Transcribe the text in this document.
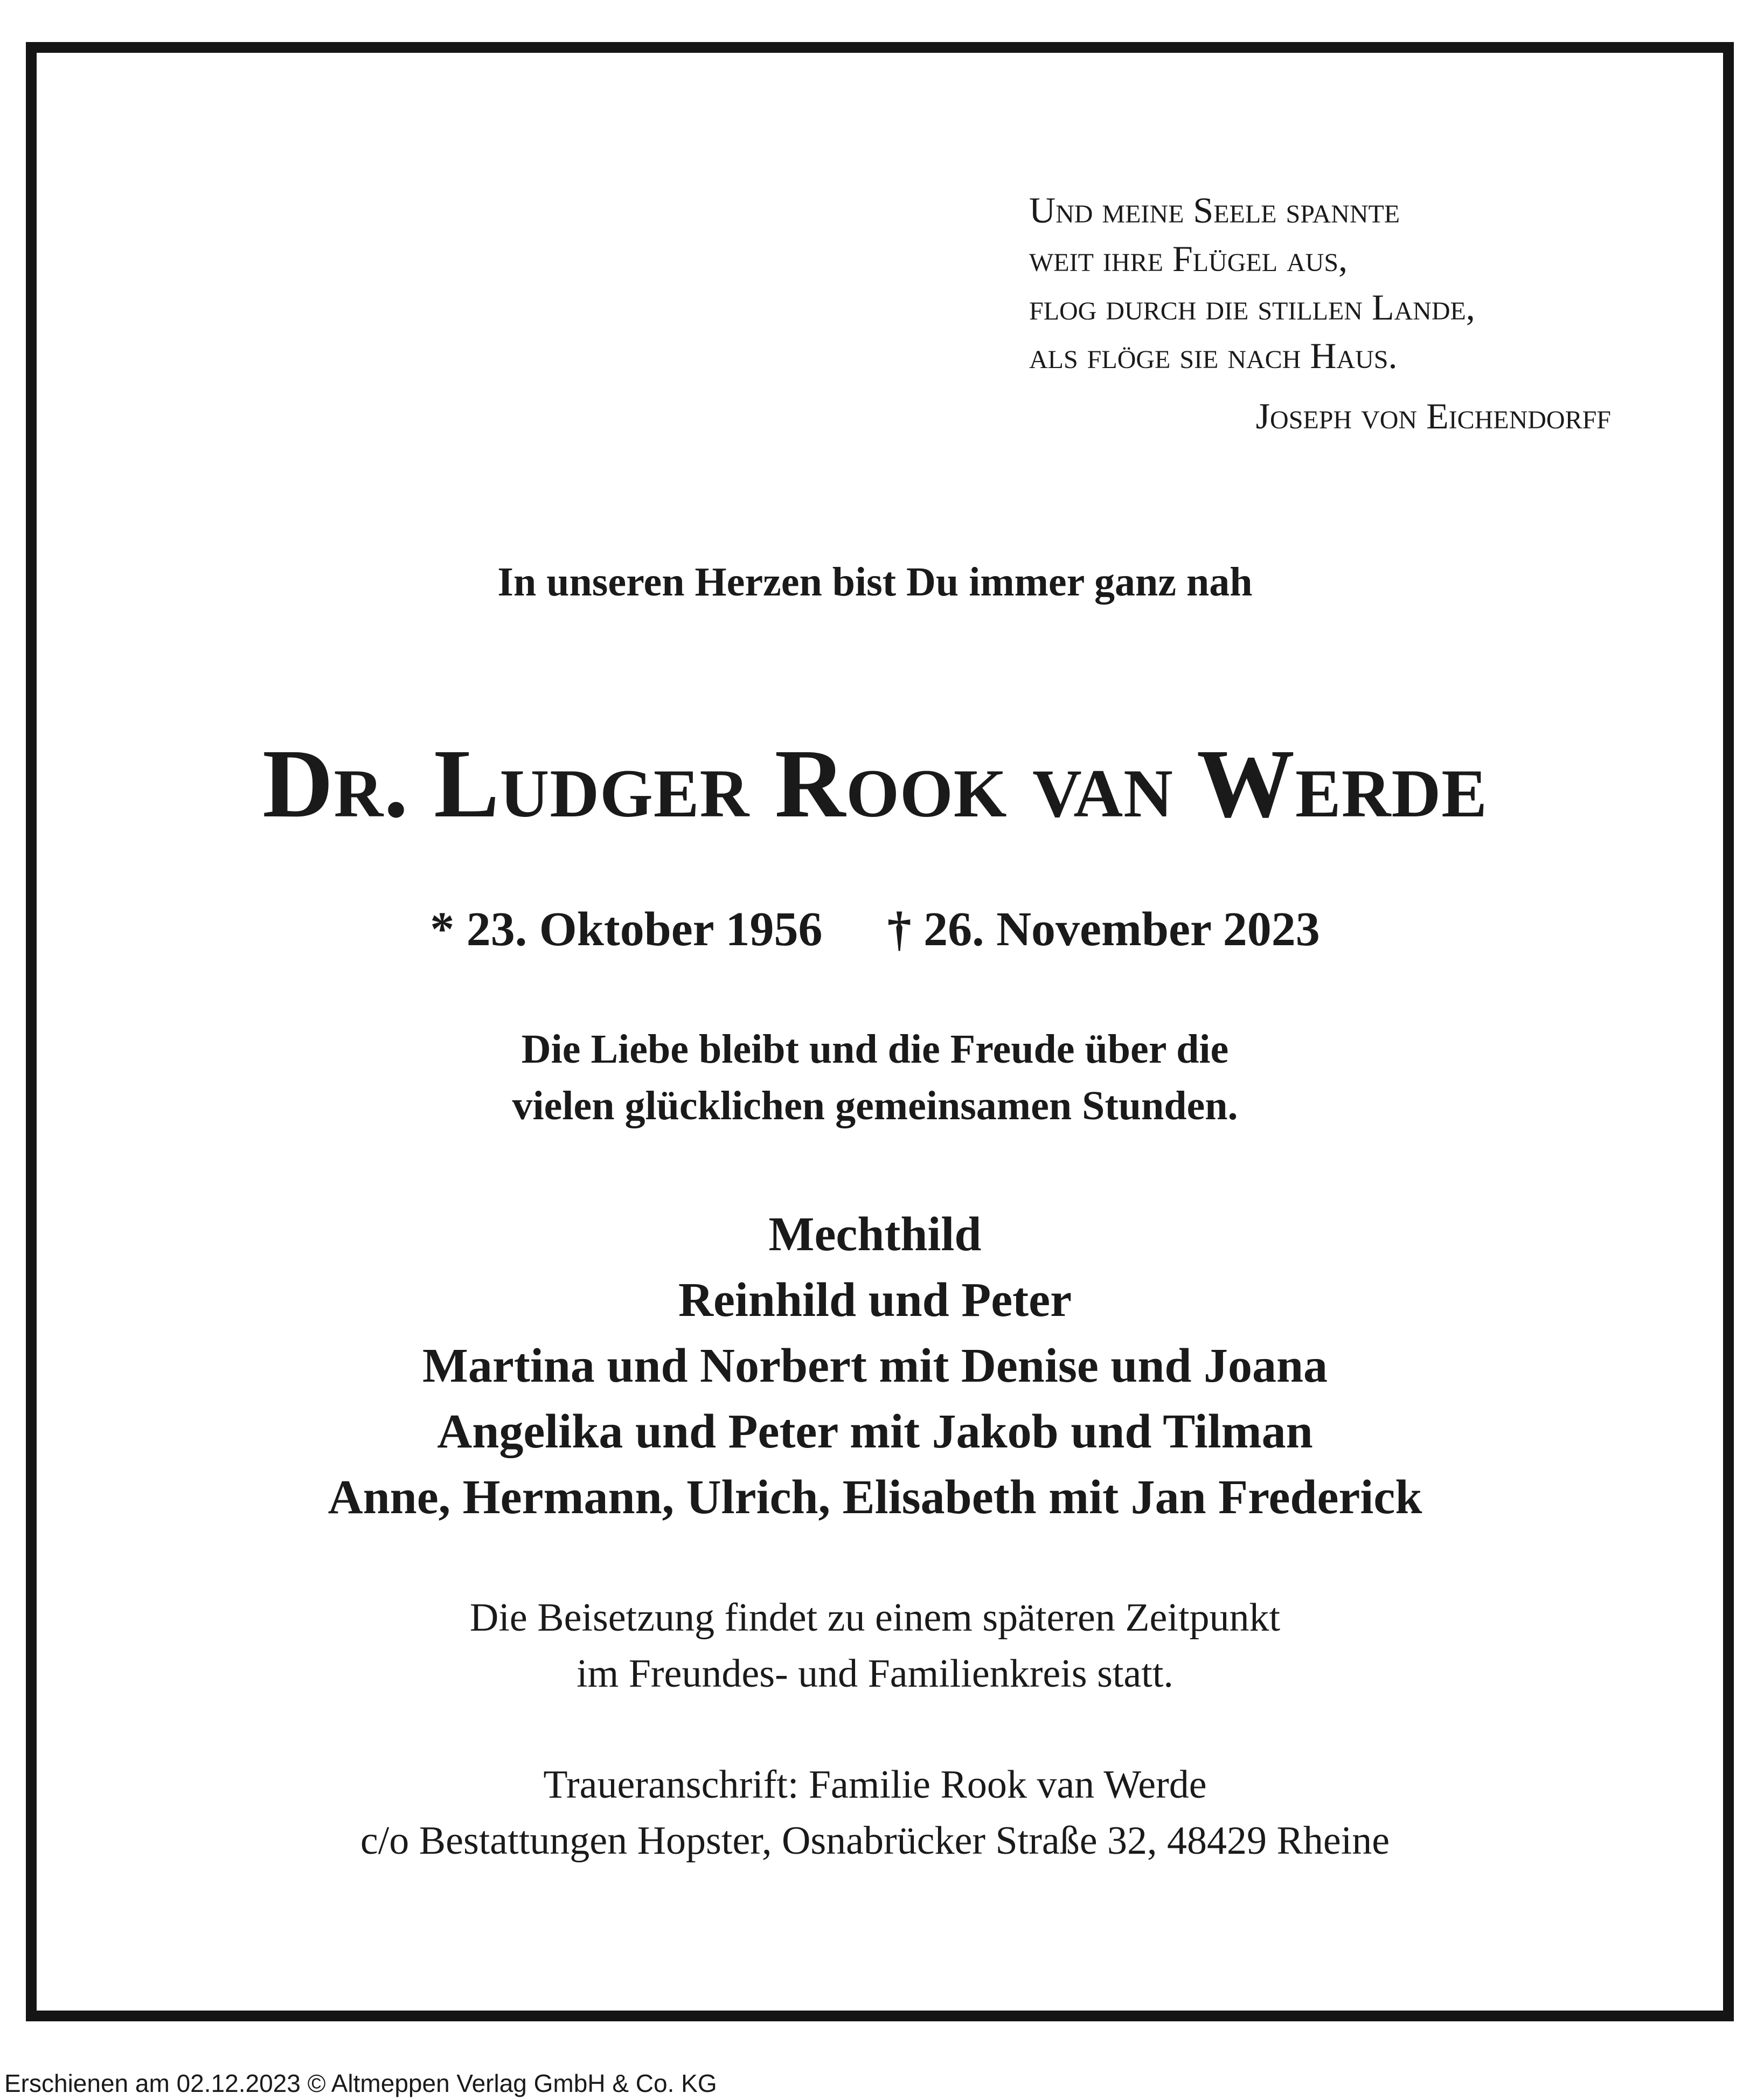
Und meine Seele spannte
weit ihre Flügel aus,
flog durch die stillen Lande,
als flöge sie nach Haus.
Joseph von Eichendorff
In unseren Herzen bist Du immer ganz nah
Dr. Ludger Rook van Werde
* 23. Oktober 1956 † 26. November 2023
Die Liebe bleibt und die Freude über die
vielen glücklichen gemeinsamen Stunden.
Mechthild
Reinhild und Peter
Martina und Norbert mit Denise und Joana
Angelika und Peter mit Jakob und Tilman
Anne, Hermann, Ulrich, Elisabeth mit Jan Frederick
Die Beisetzung findet zu einem späteren Zeitpunkt
im Freundes- und Familienkreis statt.
Traueranschrift: Familie Rook van Werde
c/o Bestattungen Hopster, Osnabrücker Straße 32, 48429 Rheine
Erschienen am 02.12.2023 © Altmeppen Verlag GmbH & Co. KG
